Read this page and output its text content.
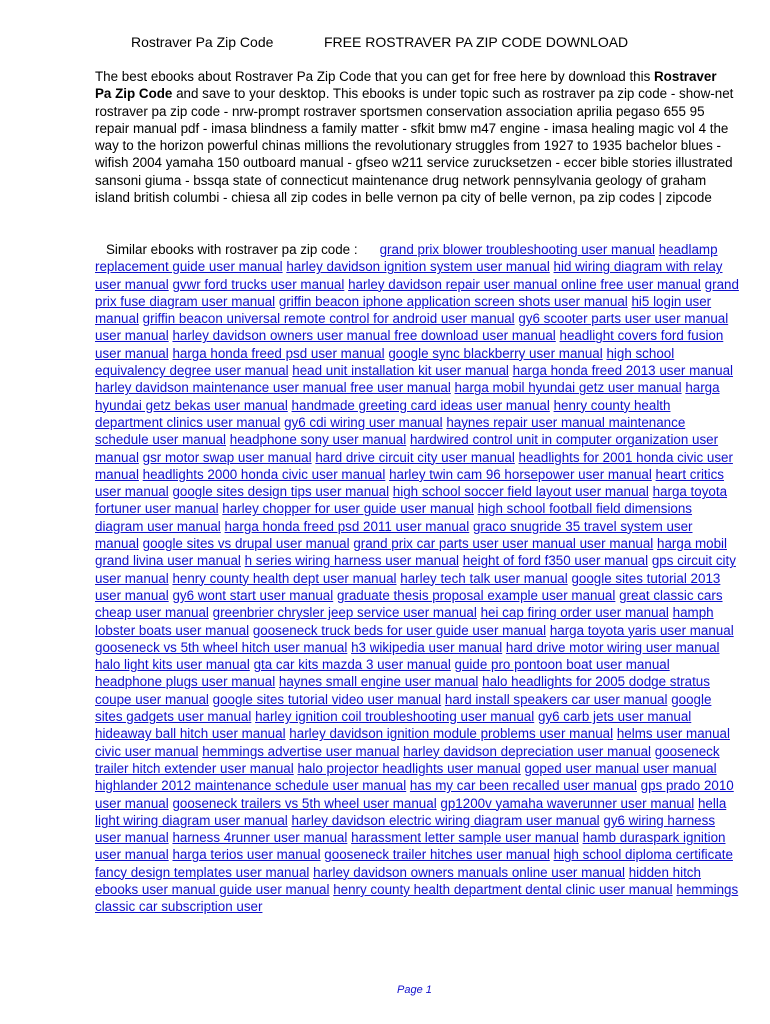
Rostraver Pa Zip Code	FREE ROSTRAVER PA ZIP CODE DOWNLOAD
The best ebooks about Rostraver Pa Zip Code that you can get for free here by download this Rostraver Pa Zip Code and save to your desktop. This ebooks is under topic such as rostraver pa zip code - show-net rostraver pa zip code - nrw-prompt rostraver sportsmen conservation association aprilia pegaso 655 95 repair manual pdf - imasa blindness a family matter - sfkit bmw m47 engine - imasa healing magic vol 4 the way to the horizon powerful chinas millions the revolutionary struggles from 1927 to 1935 bachelor blues - wifish 2004 yamaha 150 outboard manual - gfseo w211 service zurucksetzen - eccer bible stories illustrated sansoni giuma - bssqa state of connecticut maintenance drug network pennsylvania geology of graham island british columbi - chiesa all zip codes in belle vernon pa city of belle vernon, pa zip codes | zipcode
Similar ebooks with rostraver pa zip code : grand prix blower troubleshooting user manual headlamp replacement guide user manual harley davidson ignition system user manual hid wiring diagram with relay user manual gvwr ford trucks user manual harley davidson repair user manual online free user manual grand prix fuse diagram user manual griffin beacon iphone application screen shots user manual hi5 login user manual griffin beacon universal remote control for android user manual gy6 scooter parts user user manual user manual harley davidson owners user manual free download user manual headlight covers ford fusion user manual harga honda freed psd user manual google sync blackberry user manual high school equivalency degree user manual head unit installation kit user manual harga honda freed 2013 user manual harley davidson maintenance user manual free user manual harga mobil hyundai getz user manual harga hyundai getz bekas user manual handmade greeting card ideas user manual henry county health department clinics user manual gy6 cdi wiring user manual haynes repair user manual maintenance schedule user manual headphone sony user manual hardwired control unit in computer organization user manual gsr motor swap user manual hard drive circuit city user manual headlights for 2001 honda civic user manual headlights 2000 honda civic user manual harley twin cam 96 horsepower user manual heart critics user manual google sites design tips user manual high school soccer field layout user manual harga toyota fortuner user manual harley chopper for user guide user manual high school football field dimensions diagram user manual harga honda freed psd 2011 user manual graco snugride 35 travel system user manual google sites vs drupal user manual grand prix car parts user user manual user manual harga mobil grand livina user manual h series wiring harness user manual height of ford f350 user manual gps circuit city user manual henry county health dept user manual harley tech talk user manual google sites tutorial 2013 user manual gy6 wont start user manual graduate thesis proposal example user manual great classic cars cheap user manual greenbrier chrysler jeep service user manual hei cap firing order user manual hamph lobster boats user manual gooseneck truck beds for user guide user manual harga toyota yaris user manual gooseneck vs 5th wheel hitch user manual h3 wikipedia user manual hard drive motor wiring user manual halo light kits user manual gta car kits mazda 3 user manual guide pro pontoon boat user manual headphone plugs user manual haynes small engine user manual halo headlights for 2005 dodge stratus coupe user manual google sites tutorial video user manual hard install speakers car user manual google sites gadgets user manual harley ignition coil troubleshooting user manual gy6 carb jets user manual hideaway ball hitch user manual harley davidson ignition module problems user manual helms user manual civic user manual hemmings advertise user manual harley davidson depreciation user manual gooseneck trailer hitch extender user manual halo projector headlights user manual goped user manual user manual highlander 2012 maintenance schedule user manual has my car been recalled user manual gps prado 2010 user manual gooseneck trailers vs 5th wheel user manual gp1200v yamaha waverunner user manual hella light wiring diagram user manual harley davidson electric wiring diagram user manual gy6 wiring harness user manual harness 4runner user manual harassment letter sample user manual hamb duraspark ignition user manual harga terios user manual gooseneck trailer hitches user manual high school diploma certificate fancy design templates user manual harley davidson owners manuals online user manual hidden hitch ebooks user manual guide user manual henry county health department dental clinic user manual hemmings classic car subscription user
Page 1
